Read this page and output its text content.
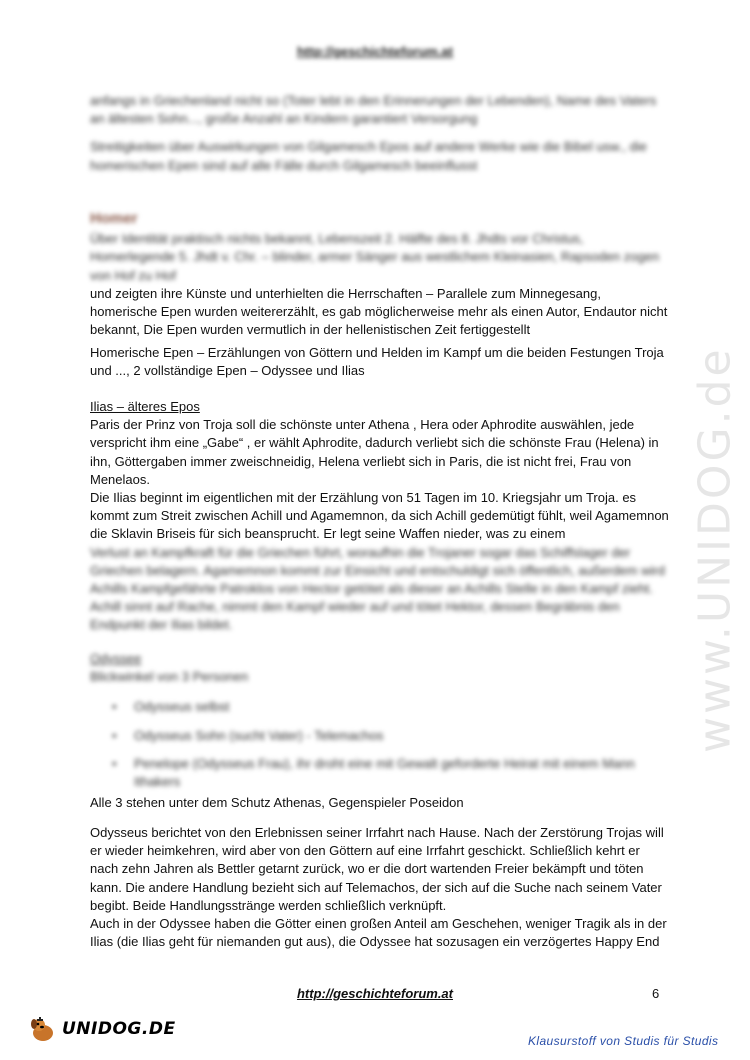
http://geschichteforum.at

anfangs in Griechenland nicht so (Toter lebt in den Erinnerungen der Lebenden), Name des Vaters an ältesten Sohn..., große Anzahl an Kindern garantiert Versorgung

Streitigkeiten über Auswirkungen von Gilgamesch Epos auf andere Werke wie die Bibel usw., die homerischen Epen sind auf alle Fälle durch Gilgamesch beeinflusst

Homer

Über Identität praktisch nichts bekannt, Lebenszeit 2. Hälfte des 8. Jhdts vor Christus, Homerlegende 5. Jhdt v. Chr. – blinder, armer Sänger aus westlichem Kleinasien, Rapsoden zogen von Hof zu Hof

und zeigten ihre Künste und unterhielten die Herrschaften – Parallele zum Minnegesang, homerische Epen wurden weitererzählt, es gab möglicherweise mehr als einen Autor, Endautor nicht bekannt, Die Epen wurden vermutlich in der hellenistischen Zeit fertiggestellt

Homerische Epen – Erzählungen von Göttern und Helden im Kampf um die beiden Festungen Troja und ..., 2 vollständige Epen – Odyssee und Ilias

Ilias – älteres Epos

Paris der Prinz von Troja soll die schönste unter Athena , Hera oder Aphrodite auswählen, jede verspricht ihm eine „Gabe“ , er wählt Aphrodite, dadurch verliebt sich die schönste Frau (Helena) in ihn, Göttergaben immer zweischneidig, Helena verliebt sich in Paris, die ist nicht frei, Frau von Menelaos.

Die Ilias beginnt im eigentlichen mit der Erzählung von 51 Tagen im 10. Kriegsjahr um Troja. es kommt zum Streit zwischen Achill und Agamemnon, da sich Achill gedemütigt fühlt, weil Agamemnon die Sklavin Briseis für sich beansprucht. Er legt seine Waffen nieder, was zu einem

Verlust an Kampfkraft für die Griechen führt, woraufhin die Trojaner sogar das Schiffslager der Griechen belagern. Agamemnon kommt zur Einsicht und entschuldigt sich öffentlich, außerdem wird Achills Kampfgefährte Patroklos von Hector getötet als dieser an Achills Stelle in den Kampf zieht. Achill sinnt auf Rache, nimmt den Kampf wieder auf und tötet Hektor, dessen Begräbnis den Endpunkt der Ilias bildet.

Odyssee

Blickwinkel von 3 Personen

• Odysseus selbst
• Odysseus Sohn (sucht Vater) - Telemachos
• Penelope (Odysseus Frau), ihr droht eine mit Gewalt geforderte Heirat mit einem Mann Ithakers

Alle 3 stehen unter dem Schutz Athenas, Gegenspieler Poseidon

Odysseus berichtet von den Erlebnissen seiner Irrfahrt nach Hause. Nach der Zerstörung Trojas will er wieder heimkehren, wird aber von den Göttern auf eine Irrfahrt geschickt. Schließlich kehrt er nach zehn Jahren als Bettler getarnt zurück, wo er die dort wartenden Freier bekämpft und töten kann. Die andere Handlung bezieht sich auf Telemachos, der sich auf die Suche nach seinem Vater begibt. Beide Handlungsstränge werden schließlich verknüpft.

Auch in der Odyssee haben die Götter einen großen Anteil am Geschehen, weniger Tragik als in der Ilias (die Ilias geht für niemanden gut aus), die Odyssee hat sozusagen ein verzögertes Happy End

www.UNIDOG.de
http://geschichteforum.at	6
UNIDOG.DE
Klausurstoff von Studis für Studis
